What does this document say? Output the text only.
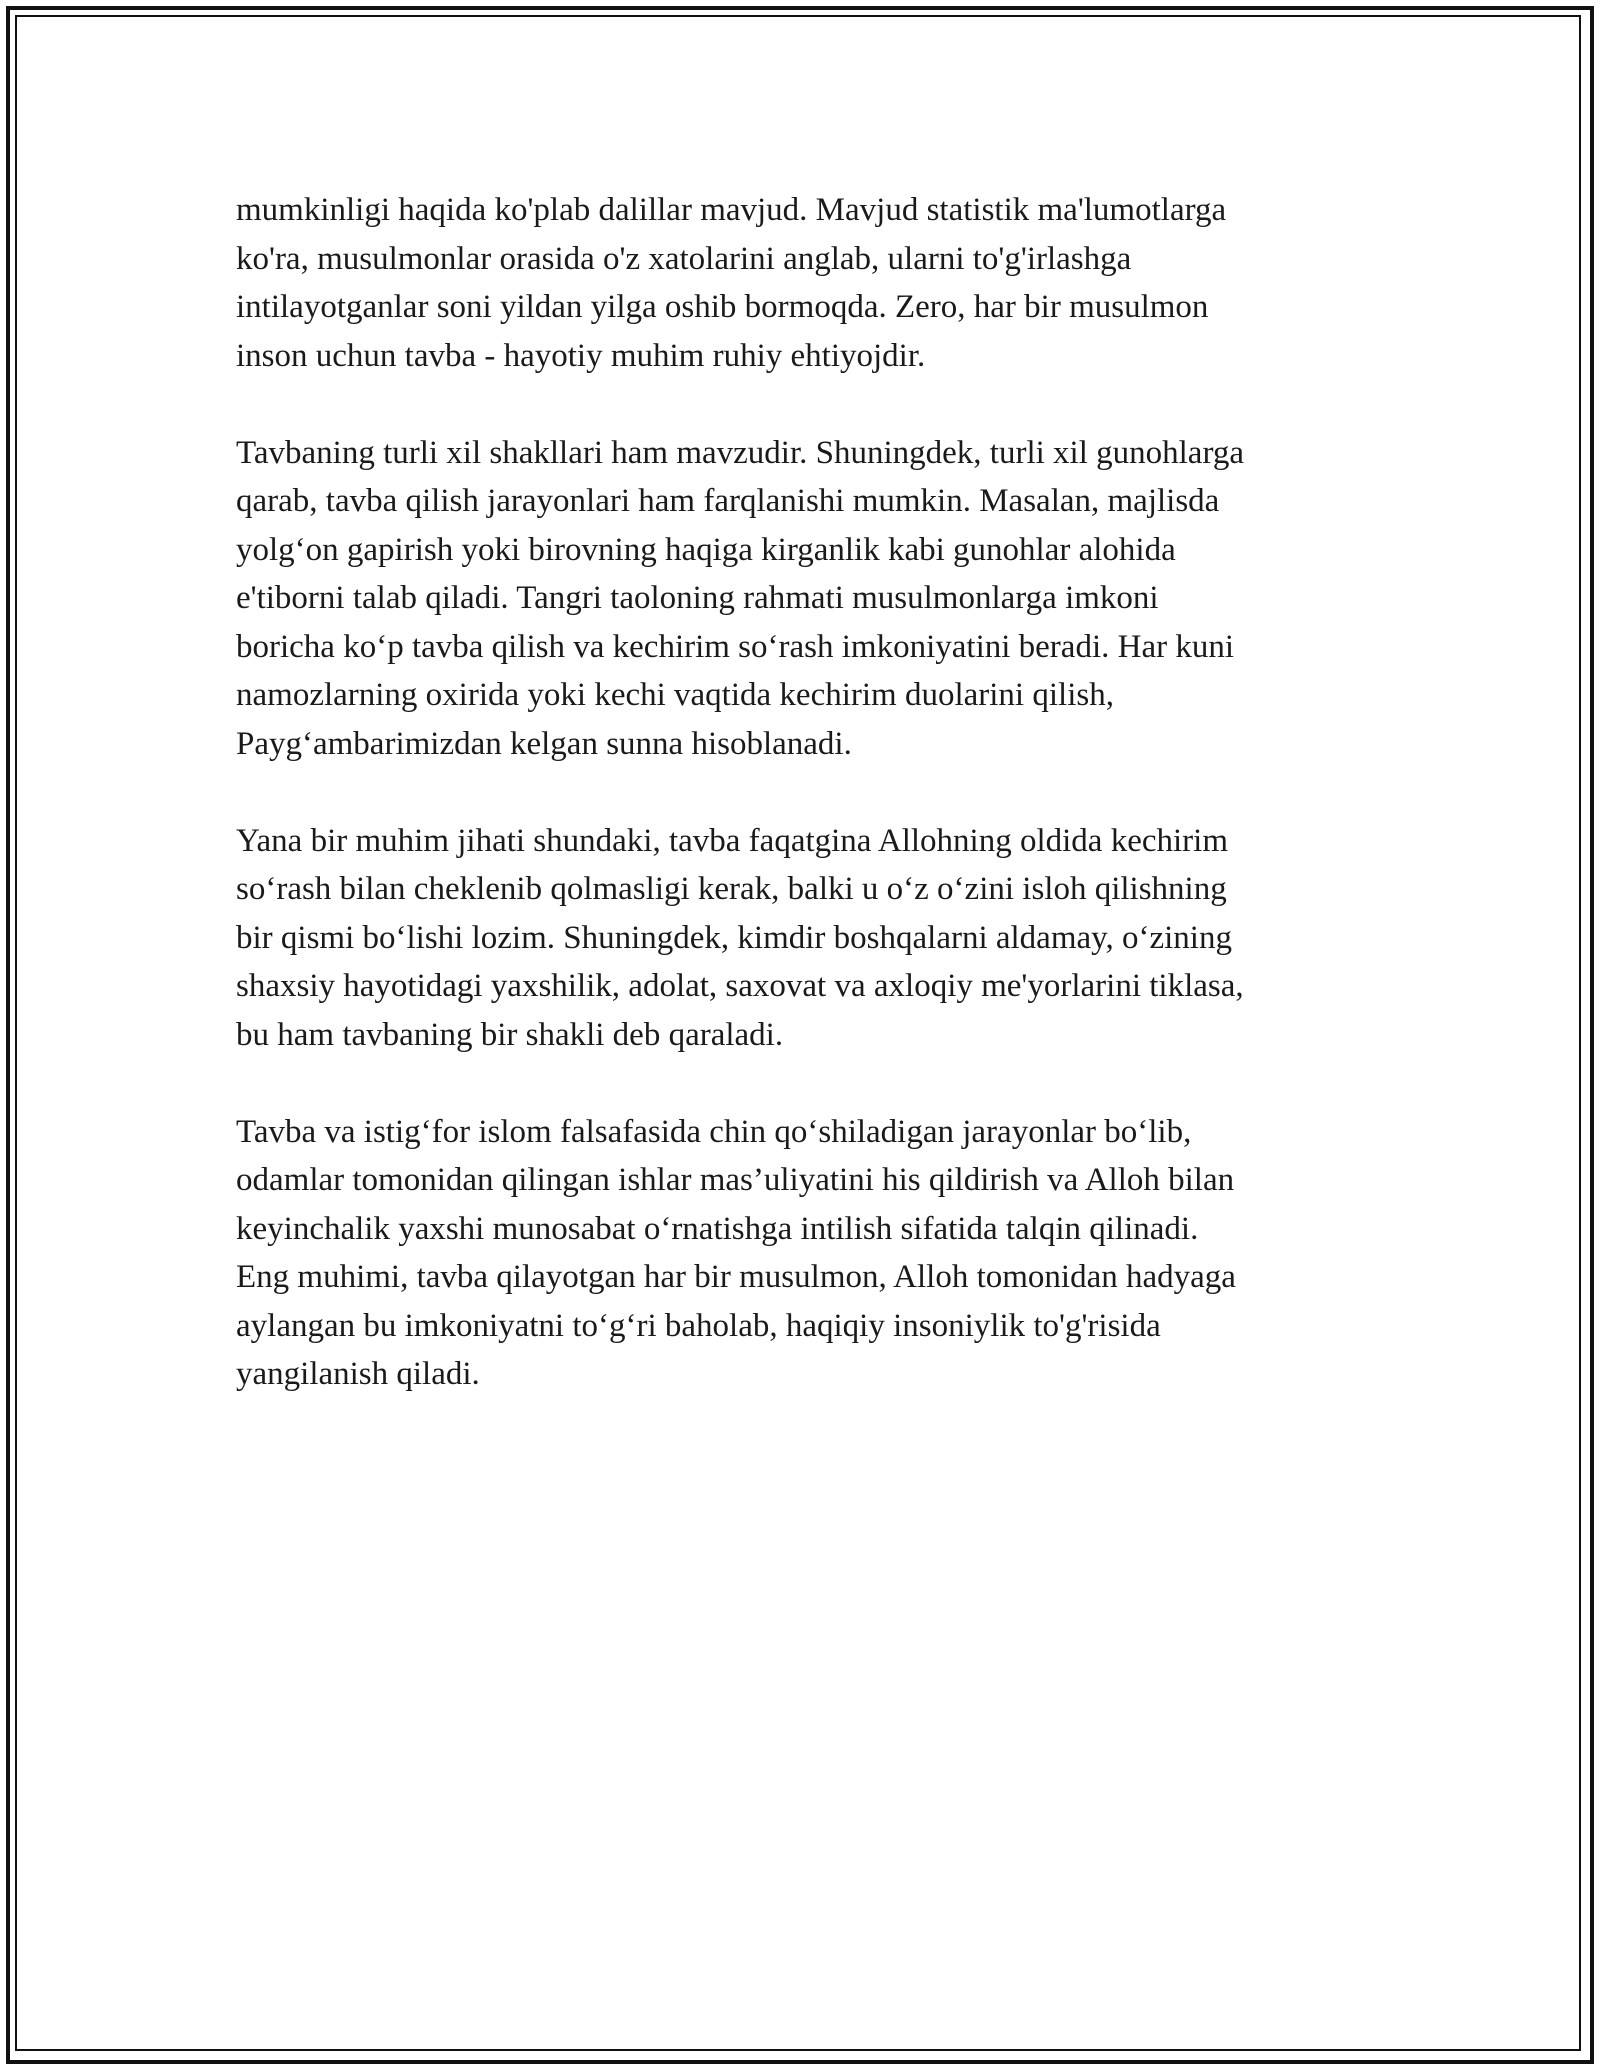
mumkinligi haqida ko'plab dalillar mavjud. Mavjud statistik ma'lumotlarga
ko'ra, musulmonlar orasida o'z xatolarini anglab, ularni to'g'irlashga
intilayotganlar soni yildan yilga oshib bormoqda. Zero, har bir musulmon
inson uchun tavba - hayotiy muhim ruhiy ehtiyojdir.

Tavbaning turli xil shakllari ham mavzudir. Shuningdek, turli xil gunohlarga
qarab, tavba qilish jarayonlari ham farqlanishi mumkin. Masalan, majlisda
yolg‘on gapirish yoki birovning haqiga kirganlik kabi gunohlar alohida
e'tiborni talab qiladi. Tangri taoloning rahmati musulmonlarga imkoni
boricha ko‘p tavba qilish va kechirim so‘rash imkoniyatini beradi. Har kuni
namozlarning oxirida yoki kechi vaqtida kechirim duolarini qilish,
Payg‘ambarimizdan kelgan sunna hisoblanadi.

Yana bir muhim jihati shundaki, tavba faqatgina Allohning oldida kechirim
so‘rash bilan cheklenib qolmasligi kerak, balki u o‘z o‘zini isloh qilishning
bir qismi bo‘lishi lozim. Shuningdek, kimdir boshqalarni aldamay, o‘zining
shaxsiy hayotidagi yaxshilik, adolat, saxovat va axloqiy me'yorlarini tiklasa,
bu ham tavbaning bir shakli deb qaraladi.

Tavba va istig‘for islom falsafasida chin qo‘shiladigan jarayonlar bo‘lib,
odamlar tomonidan qilingan ishlar mas’uliyatini his qildirish va Alloh bilan
keyinchalik yaxshi munosabat o‘rnatishga intilish sifatida talqin qilinadi.
Eng muhimi, tavba qilayotgan har bir musulmon, Alloh tomonidan hadyaga
aylangan bu imkoniyatni to‘g‘ri baholab, haqiqiy insoniylik to'g'risida
yangilanish qiladi.
